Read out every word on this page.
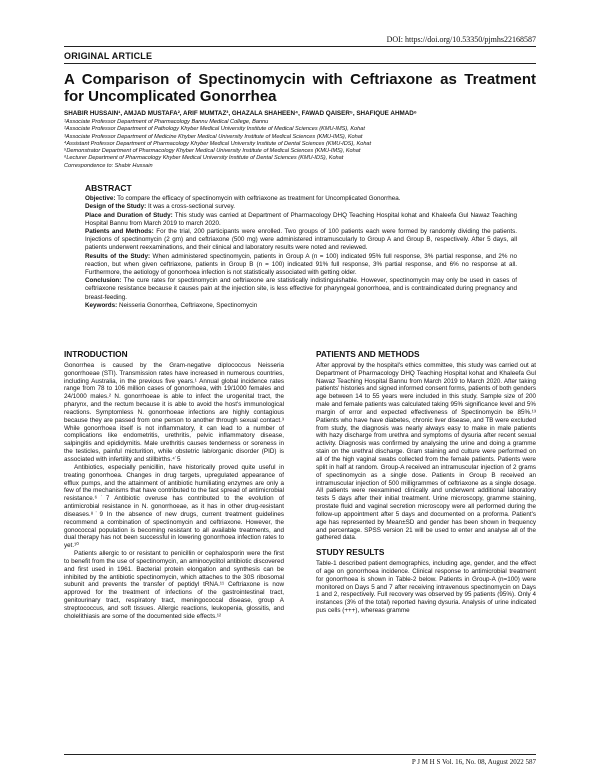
DOI: https://doi.org/10.53350/pjmhs22168587
ORIGINAL ARTICLE
A Comparison of Spectinomycin with Ceftriaxone as Treatment for Uncomplicated Gonorrhea
SHABIR HUSSAIN¹, AMJAD MUSTAFA², ARIF MUMTAZ³, GHAZALA SHAHEEN⁴, FAWAD QAISER⁵, SHAFIQUE AHMAD⁶
¹Associate Professor Department of Pharmacology Bannu Medical College, Bannu
²Associate Professor Department of Pathology Khyber Medical University Institute of Medical Sciences (KMU-IMS), Kohat
³Associate Professor Department of Medicine Khyber Medical University Institute of Medical Sciences (KMU-IMS), Kohat
⁴Assistant Professor Department of Pharmacology Khyber Medical University Institute of Dental Sciences (KMU-IDS), Kohat
⁵Demonstrator Department of Pharmacology Khyber Medical University Institute of Medical Sciences (KMU-IMS), Kohat
⁶Lecturer Department of Pharmacology Khyber Medical University Institute of Dental Sciences (KMU-IDS), Kohat
Correspondence to: Shabir Hussain
ABSTRACT

Objective: To compare the efficacy of spectinomycin with ceftriaxone as treatment for Uncomplicated Gonorrhea.

Design of the Study: It was a cross-sectional survey.

Place and Duration of Study: This study was carried at Department of Pharmacology DHQ Teaching Hospital kohat and Khaleefa Gul Nawaz Teaching Hospital Bannu from March 2019 to march 2020.

Patients and Methods: For the trial, 200 participants were enrolled. Two groups of 100 patients each were formed by randomly dividing the patients. Injections of spectinomycin (2 gm) and ceftriaxone (500 mg) were administered intramuscularly to Group A and Group B, respectively. After 5 days, all patients underwent reexaminations, and their clinical and laboratory results were noted and reviewed.

Results of the Study: When administered spectinomycin, patients in Group A (n = 100) indicated 95% full response, 3% partial response, and 2% no reaction, but when given ceftriaxone, patients in Group B (n = 100) indicated 91% full response, 3% partial response, and 6% no response at all. Furthermore, the aetiology of gonorrhoea infection is not statistically associated with getting older.

Conclusion: The cure rates for spectinomycin and ceftriaxone are statistically indistinguishable. However, spectinomycin may only be used in cases of ceftriaxone resistance because it causes pain at the injection site, is less effective for pharyngeal gonorrhoea, and is contraindicated during pregnancy and breast-feeding.

Keywords: Neisseria Gonorrhea, Ceftriaxone, Spectinomycin

INTRODUCTION

Gonorrhea is caused by the Gram-negative diplococcus Neisseria gonorrhoeae (STI). Transmission rates have increased in numerous countries, including Australia, in the previous five years.¹ Annual global incidence rates range from 78 to 106 million cases of gonorrhoea, with 19/1000 females and 24/1000 males.² N. gonorrhoeae is able to infect the urogenital tract, the pharynx, and the rectum because it is able to avoid the host's immunological reactions. Symptomless N. gonorrhoeae infections are highly contagious because they are passed from one person to another through sexual contact.³ While gonorrhoea itself is not inflammatory, it can lead to a number of complications like endometritis, urethritis, pelvic inflammatory disease, salpingitis and epididymitis. Male urethritis causes tenderness or soreness in the testicles, painful micturition, while obstetric lab/organic disorder (PID) is associated with infertility and stillbirths.⁴˙5

Antibiotics, especially penicillin, have historically proved quite useful in treating gonorrhoea. Changes in drug targets, upregulated appearance of efflux pumps, and the attainment of antibiotic humiliating enzymes are only a few of the mechanisms that have contributed to the fast spread of antimicrobial resistance.⁶˙7 Antibiotic overuse has contributed to the evolution of antimicrobial resistance in N. gonorrhoeae, as it has in other drug-resistant diseases.⁸˙9 In the absence of new drugs, current treatment guidelines recommend a combination of spectinomycin and ceftriaxone. However, the gonococcal population is becoming resistant to all available treatments, and dual therapy has not been successful in lowering gonorrhoea infection rates to yet.¹⁰

Patients allergic to or resistant to penicillin or cephalosporin were the first to benefit from the use of spectinomycin, an aminocyclitol antibiotic discovered and first used in 1961. Bacterial protein elongation and synthesis can be inhibited by the antibiotic spectinomycin, which attaches to the 30S ribosomal subunit and prevents the transfer of peptidyl tRNA.¹¹ Ceftriaxone is now approved for the treatment of infections of the gastrointestinal tract, genitourinary tract, respiratory tract, meningococcal disease, group A streptococcus, and soft tissues. Allergic reactions, leukopenia, glossitis, and cholelithiasis are some of the documented side effects.¹²

PATIENTS AND METHODS

After approval by the hospital's ethics committee, this study was carried out at Department of Pharmacology DHQ Teaching Hospital kohat and Khaleefa Gul Nawaz Teaching Hospital Bannu from March 2019 to March 2020. After taking patients' histories and signed informed consent forms, patients of both genders age between 14 to 55 years were included in this study. Sample size of 200 male and female patients was calculated taking 95% significance level and 5% margin of error and expected effectiveness of Spectinomycin be 85%.¹³ Patients who have have diabetes, chronic liver disease, and TB were excluded from study, the diagnosis was nearly always easy to make in male patients with hazy discharge from urethra and symptoms of dysuria after recent sexual activity. Diagnosis was confirmed by analysing the urine and doing a gramme stain on the urethral discharge. Gram staining and culture were performed on all of the high vaginal swabs collected from the female patients. Patients were split in half at random. Group-A received an intramuscular injection of 2 grams of spectinomycin as a single dose. Patients in Group B received an intramuscular injection of 500 milligrammes of ceftriaxone as a single dosage. All patients were reexamined clinically and underwent additional laboratory tests 5 days after their initial treatment. Urine microscopy, gramme staining, prostate fluid and vaginal secretion microscopy were all performed during the follow-up appointment after 5 days and documented on a proforma. Patient's age has represented by Mean±SD and gender has been shown in frequency and percentage. SPSS version 21 will be used to enter and analyse all of the gathered data.

STUDY RESULTS

Table-1 described patient demographics, including age, gender, and the effect of age on gonorrhoea incidence. Clinical response to antimicrobial treatment for gonorrhoea is shown in Table-2 below. Patients in Group-A (n=100) were monitored on Days 5 and 7 after receiving intravenous spectinomycin on Days 1 and 2, respectively. Full recovery was observed by 95 patients (95%). Only 4 instances (3% of the total) reported having dysuria. Analysis of urine indicated pus cells (+++), whereas gramme

P J M H S Vol. 16, No. 08, August 2022 587
